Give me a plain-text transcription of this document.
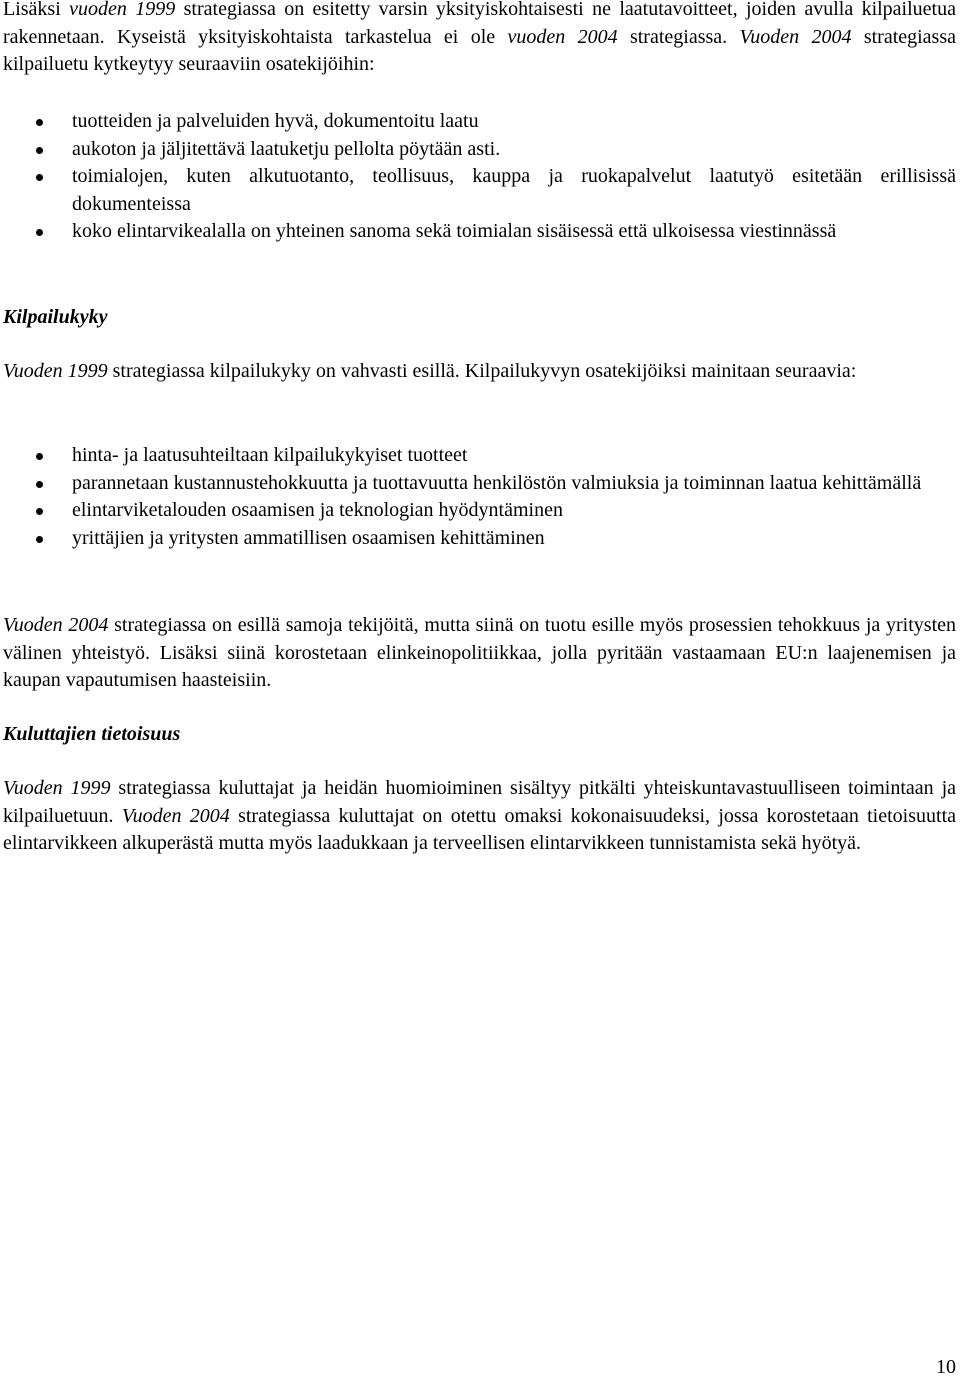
Lisäksi vuoden 1999 strategiassa on esitetty varsin yksityiskohtaisesti ne laatutavoitteet, joiden avulla kilpailuetua rakennetaan. Kyseistä yksityiskohtaista tarkastelua ei ole vuoden 2004 strategiassa. Vuoden 2004 strategiassa kilpailuetu kytkeytyy seuraaviin osatekijöihin:

tuotteiden ja palveluiden hyvä, dokumentoitu laatu
aukoton ja jäljitettävä laatuketju pellolta pöytään asti.
toimialojen, kuten alkutuotanto, teollisuus, kauppa ja ruokapalvelut laatutyö esitetään erillisissä dokumenteissa
koko elintarvikealalla on yhteinen sanoma sekä toimialan sisäisessä että ulkoisessa viestinnässä
Kilpailukyky

Vuoden 1999 strategiassa kilpailukyky on vahvasti esillä. Kilpailukyvyn osatekijöiksi mainitaan seuraavia:

hinta- ja laatusuhteiltaan kilpailukykyiset tuotteet
parannetaan kustannustehokkuutta ja tuottavuutta henkilöstön valmiuksia ja toiminnan laatua kehittämällä
elintarviketalouden osaamisen ja teknologian hyödyntäminen
yrittäjien ja yritysten ammatillisen osaamisen kehittäminen

Vuoden 2004 strategiassa on esillä samoja tekijöitä, mutta siinä on tuotu esille myös prosessien tehokkuus ja yritysten välinen yhteistyö. Lisäksi siinä korostetaan elinkeinopolitiikkaa, jolla pyritään vastaamaan EU:n laajenemisen ja kaupan vapautumisen haasteisiin.

Kuluttajien tietoisuus

Vuoden 1999 strategiassa kuluttajat ja heidän huomioiminen sisältyy pitkälti yhteiskuntavastuulliseen toimintaan ja kilpailuetuun. Vuoden 2004 strategiassa kuluttajat on otettu omaksi kokonaisuudeksi, jossa korostetaan tietoisuutta elintarvikkeen alkuperästä mutta myös laadukkaan ja terveellisen elintarvikkeen tunnistamista sekä hyötyä.

10
